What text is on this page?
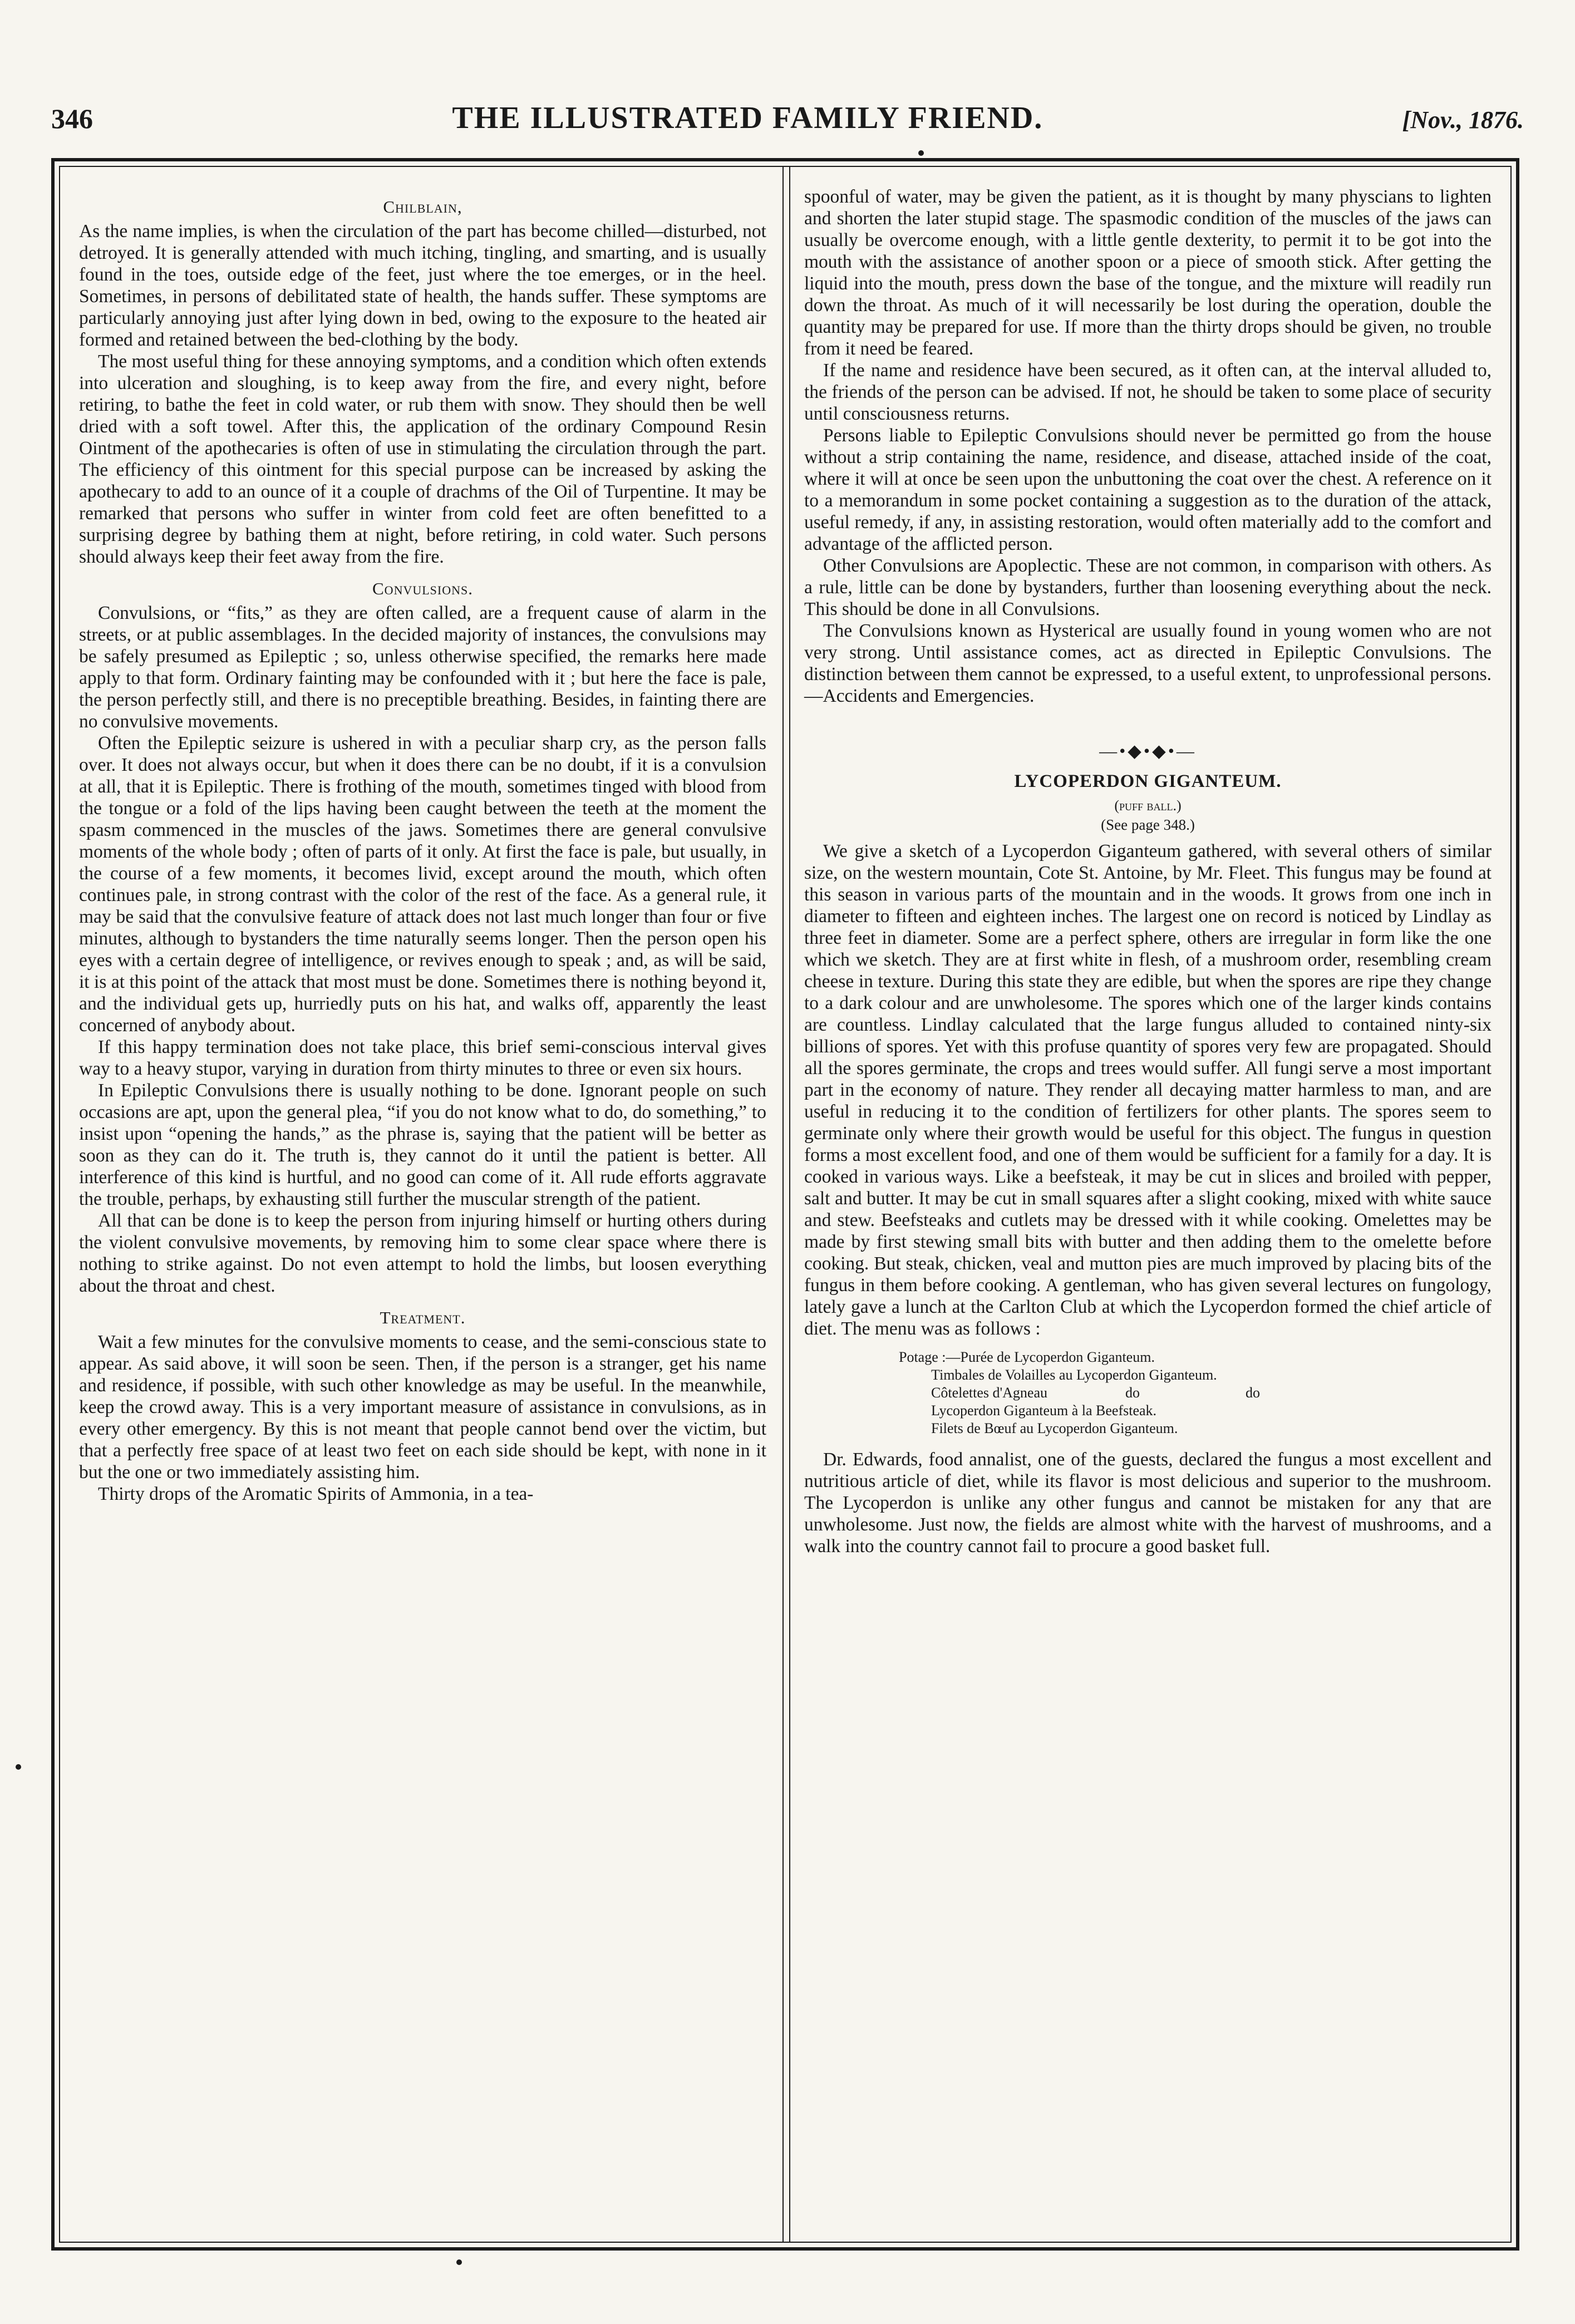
346	THE ILLUSTRATED FAMILY FRIEND.	[Nov., 1876.
Chilblain,

As the name implies, is when the circulation of the part has become chilled—disturbed, not detroyed. It is generally attended with much itching, tingling, and smarting, and is usually found in the toes, outside edge of the feet, just where the toe emerges, or in the heel. Sometimes, in persons of debilitated state of health, the hands suffer. These symptoms are particularly annoying just after lying down in bed, owing to the exposure to the heated air formed and retained between the bed-clothing by the body.

The most useful thing for these annoying symptoms, and a condition which often extends into ulceration and sloughing, is to keep away from the fire, and every night, before retiring, to bathe the feet in cold water, or rub them with snow. They should then be well dried with a soft towel. After this, the application of the ordinary Compound Resin Ointment of the apothecaries is often of use in stimulating the circulation through the part. The efficiency of this ointment for this special purpose can be increased by asking the apothecary to add to an ounce of it a couple of drachms of the Oil of Turpentine. It may be remarked that persons who suffer in winter from cold feet are often benefitted to a surprising degree by bathing them at night, before retiring, in cold water. Such persons should always keep their feet away from the fire.

Convulsions.

Convulsions, or “fits,” as they are often called, are a frequent cause of alarm in the streets, or at public assemblages. In the decided majority of instances, the convulsions may be safely presumed as Epileptic ; so, unless otherwise specified, the remarks here made apply to that form. Ordinary fainting may be confounded with it ; but here the face is pale, the person perfectly still, and there is no preceptible breathing. Besides, in fainting there are no convulsive movements.

Often the Epileptic seizure is ushered in with a peculiar sharp cry, as the person falls over. It does not always occur, but when it does there can be no doubt, if it is a convulsion at all, that it is Epileptic. There is frothing of the mouth, sometimes tinged with blood from the tongue or a fold of the lips having been caught between the teeth at the moment the spasm commenced in the muscles of the jaws. Sometimes there are general convulsive moments of the whole body ; often of parts of it only. At first the face is pale, but usually, in the course of a few moments, it becomes livid, except around the mouth, which often continues pale, in strong contrast with the color of the rest of the face. As a general rule, it may be said that the convulsive feature of attack does not last much longer than four or five minutes, although to bystanders the time naturally seems longer. Then the person open his eyes with a certain degree of intelligence, or revives enough to speak ; and, as will be said, it is at this point of the attack that most must be done. Sometimes there is nothing beyond it, and the individual gets up, hurriedly puts on his hat, and walks off, apparently the least concerned of anybody about.

If this happy termination does not take place, this brief semi-conscious interval gives way to a heavy stupor, varying in duration from thirty minutes to three or even six hours.

In Epileptic Convulsions there is usually nothing to be done. Ignorant people on such occasions are apt, upon the general plea, “if you do not know what to do, do something,” to insist upon “opening the hands,” as the phrase is, saying that the patient will be better as soon as they can do it. The truth is, they cannot do it until the patient is better. All interference of this kind is hurtful, and no good can come of it. All rude efforts aggravate the trouble, perhaps, by exhausting still further the muscular strength of the patient.

All that can be done is to keep the person from injuring himself or hurting others during the violent convulsive movements, by removing him to some clear space where there is nothing to strike against. Do not even attempt to hold the limbs, but loosen everything about the throat and chest.

Treatment.

Wait a few minutes for the convulsive moments to cease, and the semi-conscious state to appear. As said above, it will soon be seen. Then, if the person is a stranger, get his name and residence, if possible, with such other knowledge as may be useful. In the meanwhile, keep the crowd away. This is a very important measure of assistance in convulsions, as in every other emergency. By this is not meant that people cannot bend over the victim, but that a perfectly free space of at least two feet on each side should be kept, with none in it but the one or two immediately assisting him.

Thirty drops of the Aromatic Spirits of Ammonia, in a tea-

spoonful of water, may be given the patient, as it is thought by many physcians to lighten and shorten the later stupid stage. The spasmodic condition of the muscles of the jaws can usually be overcome enough, with a little gentle dexterity, to permit it to be got into the mouth with the assistance of another spoon or a piece of smooth stick. After getting the liquid into the mouth, press down the base of the tongue, and the mixture will readily run down the throat. As much of it will necessarily be lost during the operation, double the quantity may be prepared for use. If more than the thirty drops should be given, no trouble from it need be feared.

If the name and residence have been secured, as it often can, at the interval alluded to, the friends of the person can be advised. If not, he should be taken to some place of security until consciousness returns.

Persons liable to Epileptic Convulsions should never be permitted go from the house without a strip containing the name, residence, and disease, attached inside of the coat, where it will at once be seen upon the unbuttoning the coat over the chest. A reference on it to a memorandum in some pocket containing a suggestion as to the duration of the attack, useful remedy, if any, in assisting restoration, would often materially add to the comfort and advantage of the afflicted person.

Other Convulsions are Apoplectic. These are not common, in comparison with others. As a rule, little can be done by bystanders, further than loosening everything about the neck. This should be done in all Convulsions.

The Convulsions known as Hysterical are usually found in young women who are not very strong. Until assistance comes, act as directed in Epileptic Convulsions. The distinction between them cannot be expressed, to a useful extent, to unprofessional persons.—Accidents and Emergencies.

—•◆•◆•—
LYCOPERDON GIGANTEUM.
(puff ball.)
(See page 348.)

We give a sketch of a Lycoperdon Giganteum gathered, with several others of similar size, on the western mountain, Cote St. Antoine, by Mr. Fleet. This fungus may be found at this season in various parts of the mountain and in the woods. It grows from one inch in diameter to fifteen and eighteen inches. The largest one on record is noticed by Lindlay as three feet in diameter. Some are a perfect sphere, others are irregular in form like the one which we sketch. They are at first white in flesh, of a mushroom order, resembling cream cheese in texture. During this state they are edible, but when the spores are ripe they change to a dark colour and are unwholesome. The spores which one of the larger kinds contains are countless. Lindlay calculated that the large fungus alluded to contained ninty-six billions of spores. Yet with this profuse quantity of spores very few are propagated. Should all the spores germinate, the crops and trees would suffer. All fungi serve a most important part in the economy of nature. They render all decaying matter harmless to man, and are useful in reducing it to the condition of fertilizers for other plants. The spores seem to germinate only where their growth would be useful for this object. The fungus in question forms a most excellent food, and one of them would be sufficient for a family for a day. It is cooked in various ways. Like a beefsteak, it may be cut in slices and broiled with pepper, salt and butter. It may be cut in small squares after a slight cooking, mixed with white sauce and stew. Beefsteaks and cutlets may be dressed with it while cooking. Omelettes may be made by first stewing small bits with butter and then adding them to the omelette before cooking. But steak, chicken, veal and mutton pies are much improved by placing bits of the fungus in them before cooking. A gentleman, who has given several lectures on fungology, lately gave a lunch at the Carlton Club at which the Lycoperdon formed the chief article of diet. The menu was as follows :

Potage :—Purée de Lycoperdon Giganteum.
Timbales de Volailles au Lycoperdon Giganteum.
Côtelettes d'Agneau	do	do
Lycoperdon Giganteum à la Beefsteak.
Filets de Bœuf au Lycoperdon Giganteum.

Dr. Edwards, food annalist, one of the guests, declared the fungus a most excellent and nutritious article of diet, while its flavor is most delicious and superior to the mushroom. The Lycoperdon is unlike any other fungus and cannot be mistaken for any that are unwholesome. Just now, the fields are almost white with the harvest of mushrooms, and a walk into the country cannot fail to procure a good basket full.
